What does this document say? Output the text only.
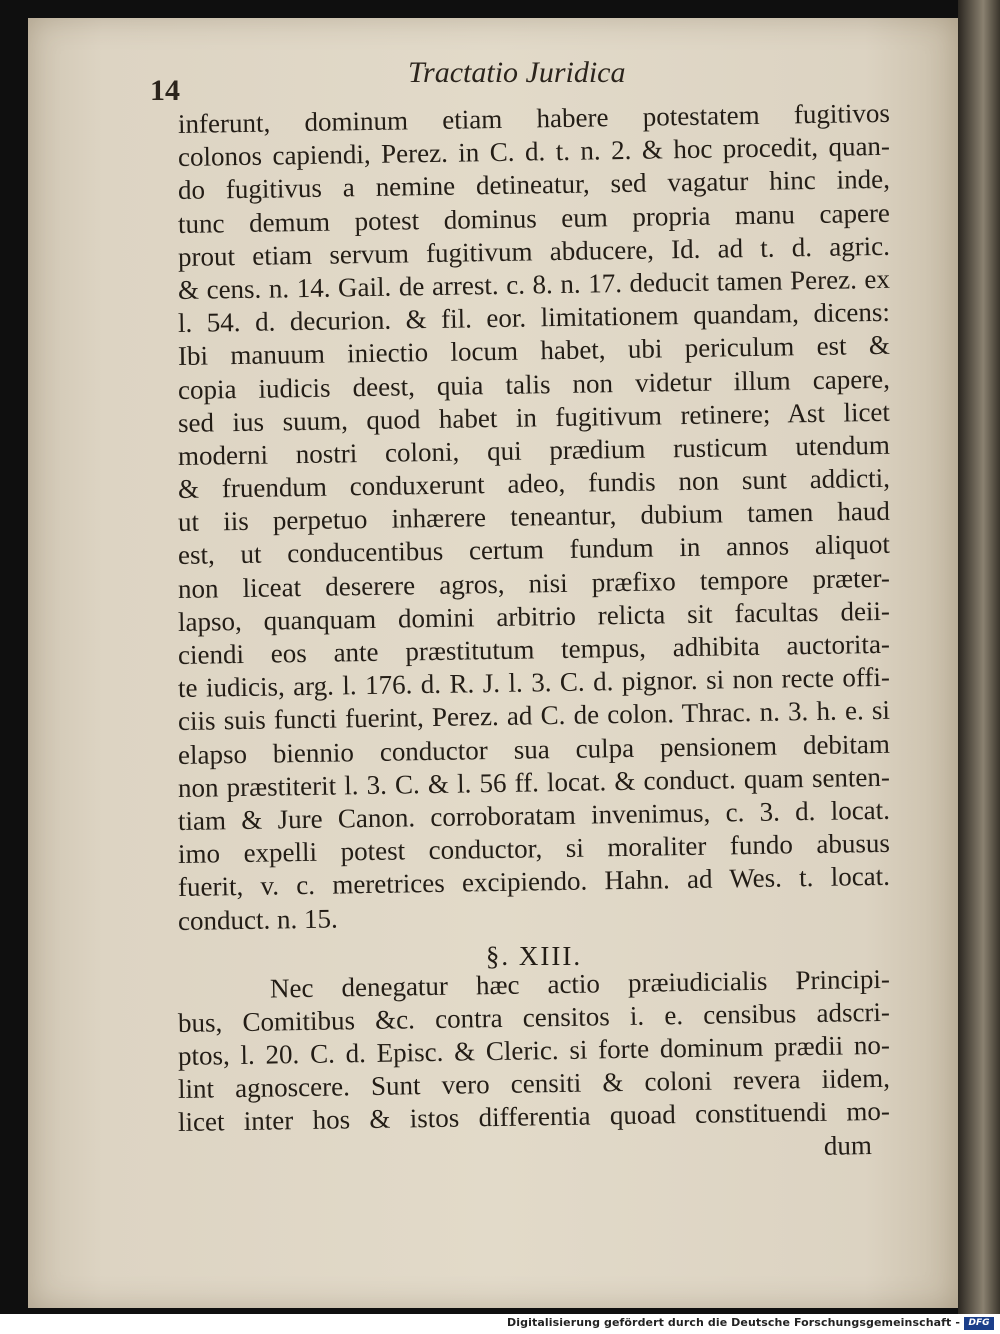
14
Tractatio Juridica
inferunt, dominum etiam habere potestatem fugitivos
colonos capiendi, Perez. in C. d. t. n. 2. & hoc procedit, quan-
do fugitivus a nemine detineatur, sed vagatur hinc inde,
tunc demum potest dominus eum propria manu capere
prout etiam servum fugitivum abducere, Id. ad t. d. agric.
& cens. n. 14. Gail. de arrest. c. 8. n. 17. deducit tamen Perez. ex
l. 54. d. decurion. & fil. eor. limitationem quandam, dicens:
Ibi manuum iniectio locum habet, ubi periculum est &
copia iudicis deest, quia talis non videtur illum capere,
sed ius suum, quod habet in fugitivum retinere; Ast licet
moderni nostri coloni, qui prædium rusticum utendum
& fruendum conduxerunt adeo, fundis non sunt addicti,
ut iis perpetuo inhærere teneantur, dubium tamen haud
est, ut conducentibus certum fundum in annos aliquot
non liceat deserere agros, nisi præfixo tempore præter-
lapso, quanquam domini arbitrio relicta sit facultas deii-
ciendi eos ante præstitutum tempus, adhibita auctorita-
te iudicis, arg. l. 176. d. R. J. l. 3. C. d. pignor. si non recte offi-
ciis suis functi fuerint, Perez. ad C. de colon. Thrac. n. 3. h. e. si
elapso biennio conductor sua culpa pensionem debitam
non præstiterit l. 3. C. & l. 56 ff. locat. & conduct. quam senten-
tiam & Jure Canon. corroboratam invenimus, c. 3. d. locat.
imo expelli potest conductor, si moraliter fundo abusus
fuerit, v. c. meretrices excipiendo. Hahn. ad Wes. t. locat.
conduct. n. 15.
§. XIII.
Nec denegatur hæc actio præiudicialis Principi-
bus, Comitibus &c. contra censitos i. e. censibus adscri-
ptos, l. 20. C. d. Episc. & Cleric. si forte dominum prædii no-
lint agnoscere. Sunt vero censiti & coloni revera iidem,
licet inter hos & istos differentia quoad constituendi mo-
dum
Digitalisierung gefördert durch die Deutsche Forschungsgemeinschaft - DFG
